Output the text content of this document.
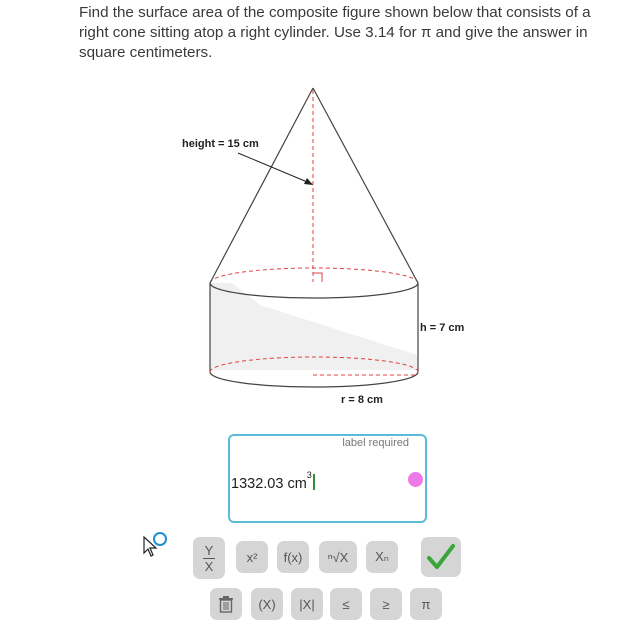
Find the surface area of the composite figure shown below that consists of a right cone sitting atop a right cylinder. Use 3.14 for π and give the answer in square centimeters.
height = 15 cm
h = 7 cm
r = 8 cm
label required
1332.03 $cm^3$
$\frac{Y}{X}$	x²	f(x)	ⁿ√X	Xₙ
(X)	|X|	≤	≥	π
